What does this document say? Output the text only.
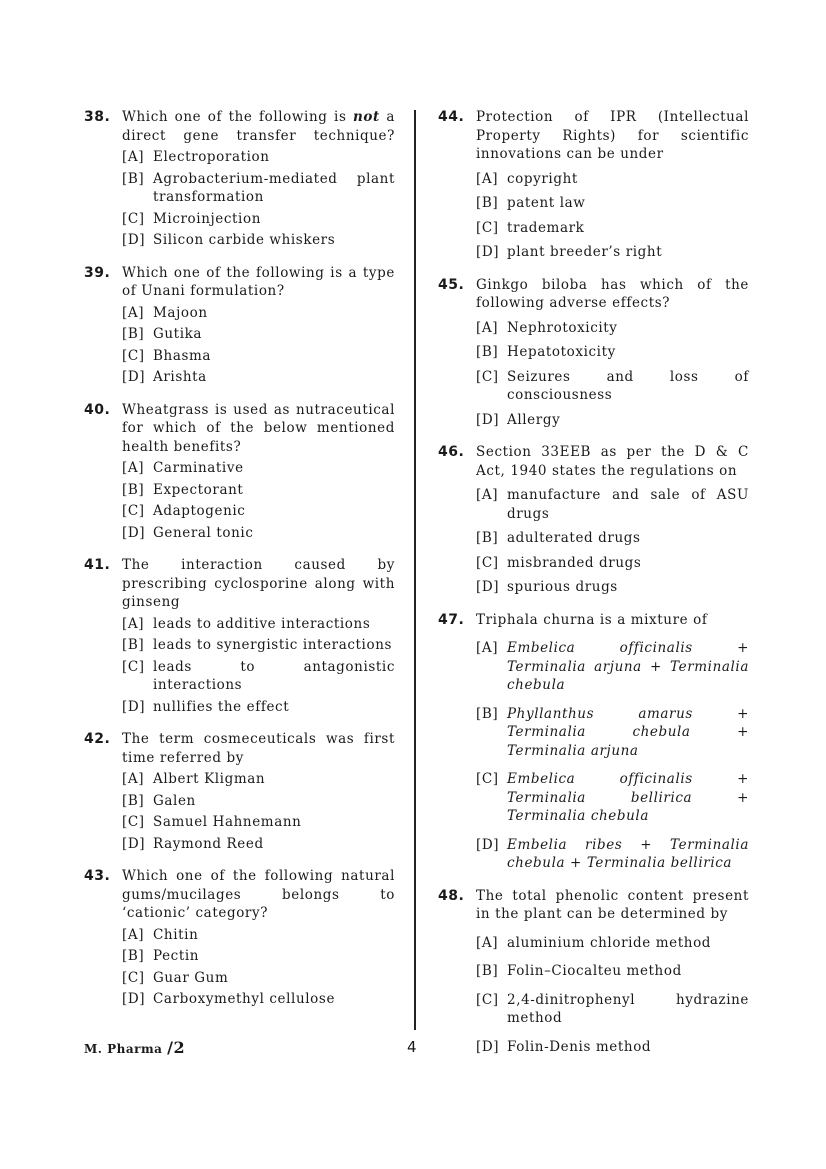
38. Which one of the following is not a direct gene transfer technique?
[A] Electroporation
[B] Agrobacterium-mediated plant transformation
[C] Microinjection
[D] Silicon carbide whiskers
39. Which one of the following is a type of Unani formulation?
[A] Majoon
[B] Gutika
[C] Bhasma
[D] Arishta
40. Wheatgrass is used as nutraceutical for which of the below mentioned health benefits?
[A] Carminative
[B] Expectorant
[C] Adaptogenic
[D] General tonic
41. The interaction caused by prescribing cyclosporine along with ginseng
[A] leads to additive interactions
[B] leads to synergistic interactions
[C] leads to antagonistic interactions
[D] nullifies the effect
42. The term cosmeceuticals was first time referred by
[A] Albert Kligman
[B] Galen
[C] Samuel Hahnemann
[D] Raymond Reed
43. Which one of the following natural gums/mucilages belongs to ‘cationic’ category?
[A] Chitin
[B] Pectin
[C] Guar Gum
[D] Carboxymethyl cellulose
44. Protection of IPR (Intellectual Property Rights) for scientific innovations can be under
[A] copyright
[B] patent law
[C] trademark
[D] plant breeder’s right
45. Ginkgo biloba has which of the following adverse effects?
[A] Nephrotoxicity
[B] Hepatotoxicity
[C] Seizures and loss of consciousness
[D] Allergy
46. Section 33EEB as per the D & C Act, 1940 states the regulations on
[A] manufacture and sale of ASU drugs
[B] adulterated drugs
[C] misbranded drugs
[D] spurious drugs
47. Triphala churna is a mixture of
[A] Embelica officinalis + Terminalia arjuna + Terminalia chebula
[B] Phyllanthus amarus + Terminalia chebula + Terminalia arjuna
[C] Embelica officinalis + Terminalia bellirica + Terminalia chebula
[D] Embelia ribes + Terminalia chebula + Terminalia bellirica
48. The total phenolic content present in the plant can be determined by
[A] aluminium chloride method
[B] Folin–Ciocalteu method
[C] 2,4-dinitrophenyl hydrazine method
[D] Folin-Denis method
M. Pharma /2	4
